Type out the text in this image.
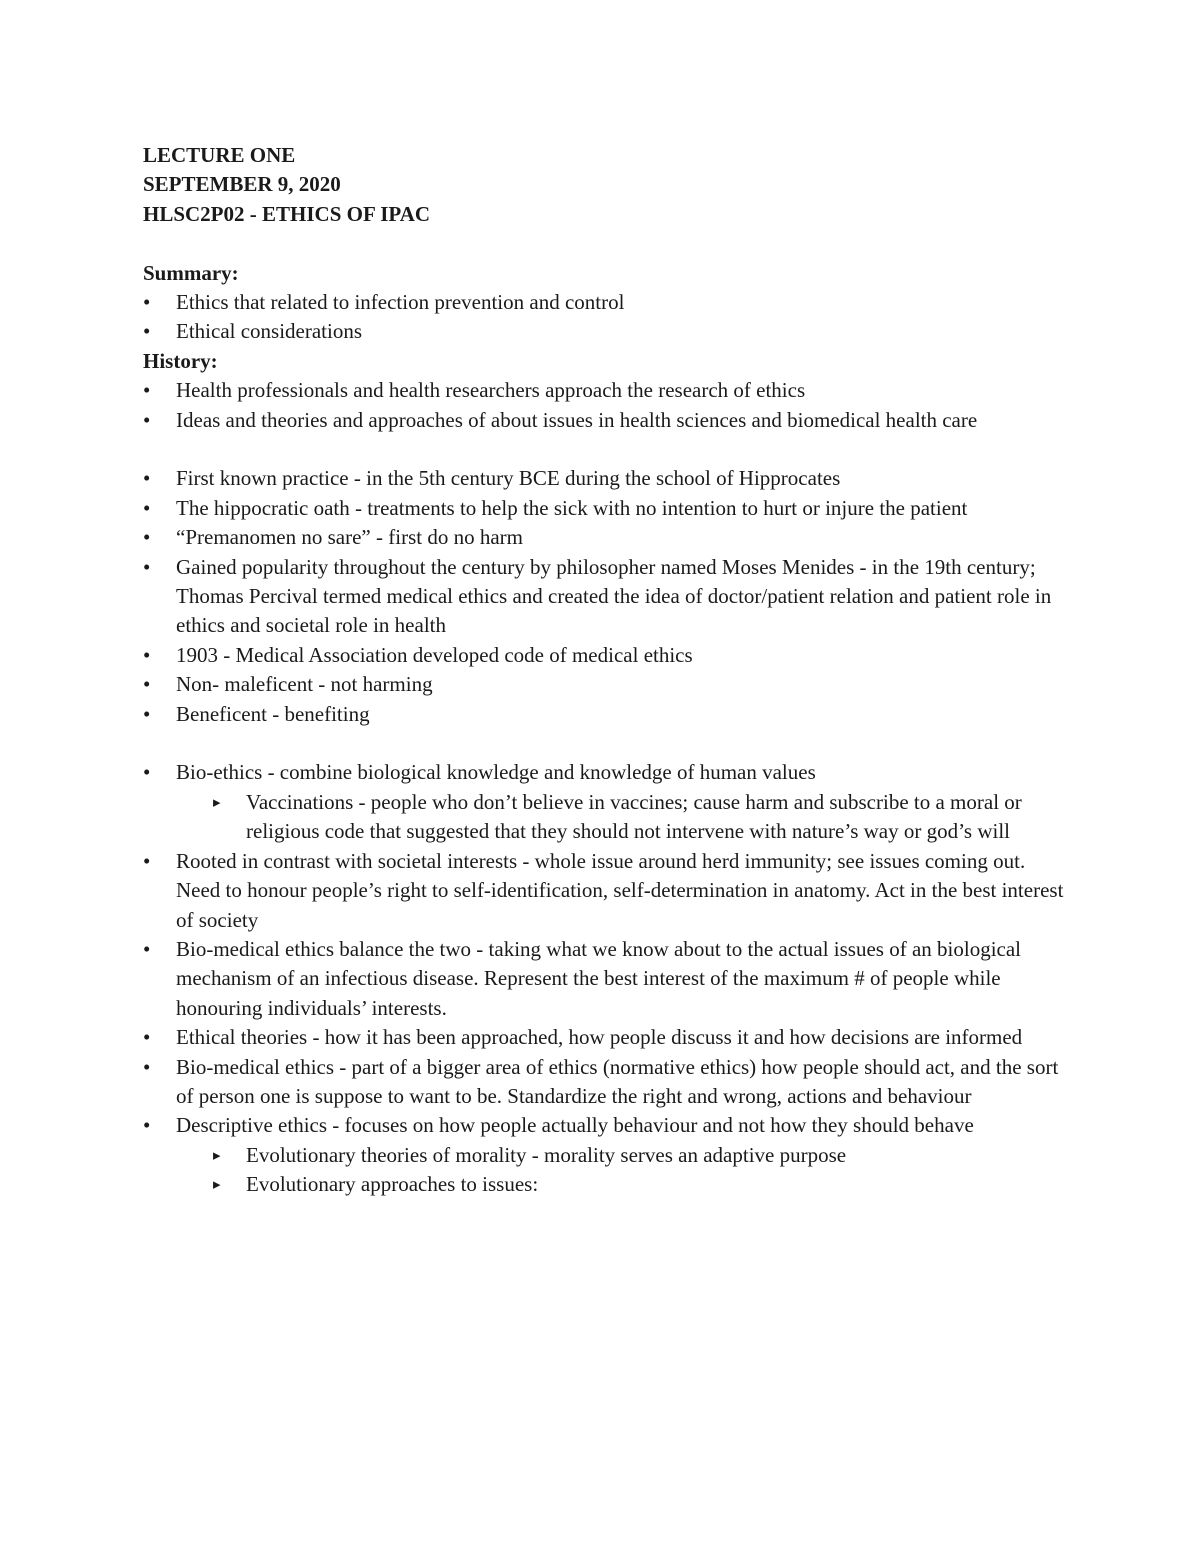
LECTURE ONE

SEPTEMBER 9, 2020

HLSC2P02 - ETHICS OF IPAC

Summary:

• Ethics that related to infection prevention and control
• Ethical considerations

History:

• Health professionals and health researchers approach the research of ethics
• Ideas and theories and approaches of about issues in health sciences and biomedical health care
• First known practice - in the 5th century BCE during the school of Hipprocates
• The hippocratic oath - treatments to help the sick with no intention to hurt or injure the patient
• “Premanomen no sare” - first do no harm
• Gained popularity throughout the century by philosopher named Moses Menides - in the 19th century; Thomas Percival termed medical ethics and created the idea of doctor/patient relation and patient role in ethics and societal role in health
• 1903 - Medical Association developed code of medical ethics
• Non- maleficent - not harming
• Beneficent - benefiting
• Bio-ethics - combine biological knowledge and knowledge of human values
▸ Vaccinations - people who don’t believe in vaccines; cause harm and subscribe to a moral or religious code that suggested that they should not intervene with nature’s way or god’s will
• Rooted in contrast with societal interests - whole issue around herd immunity; see issues coming out. Need to honour people’s right to self-identification, self-determination in anatomy. Act in the best interest of society
• Bio-medical ethics balance the two - taking what we know about to the actual issues of an biological mechanism of an infectious disease. Represent the best interest of the maximum # of people while honouring individuals’ interests.
• Ethical theories - how it has been approached, how people discuss it and how decisions are informed
• Bio-medical ethics - part of a bigger area of ethics (normative ethics) how people should act, and the sort of person one is suppose to want to be. Standardize the right and wrong, actions and behaviour
• Descriptive ethics - focuses on how people actually behaviour and not how they should behave
▸ Evolutionary theories of morality - morality serves an adaptive purpose
▸ Evolutionary approaches to issues:
